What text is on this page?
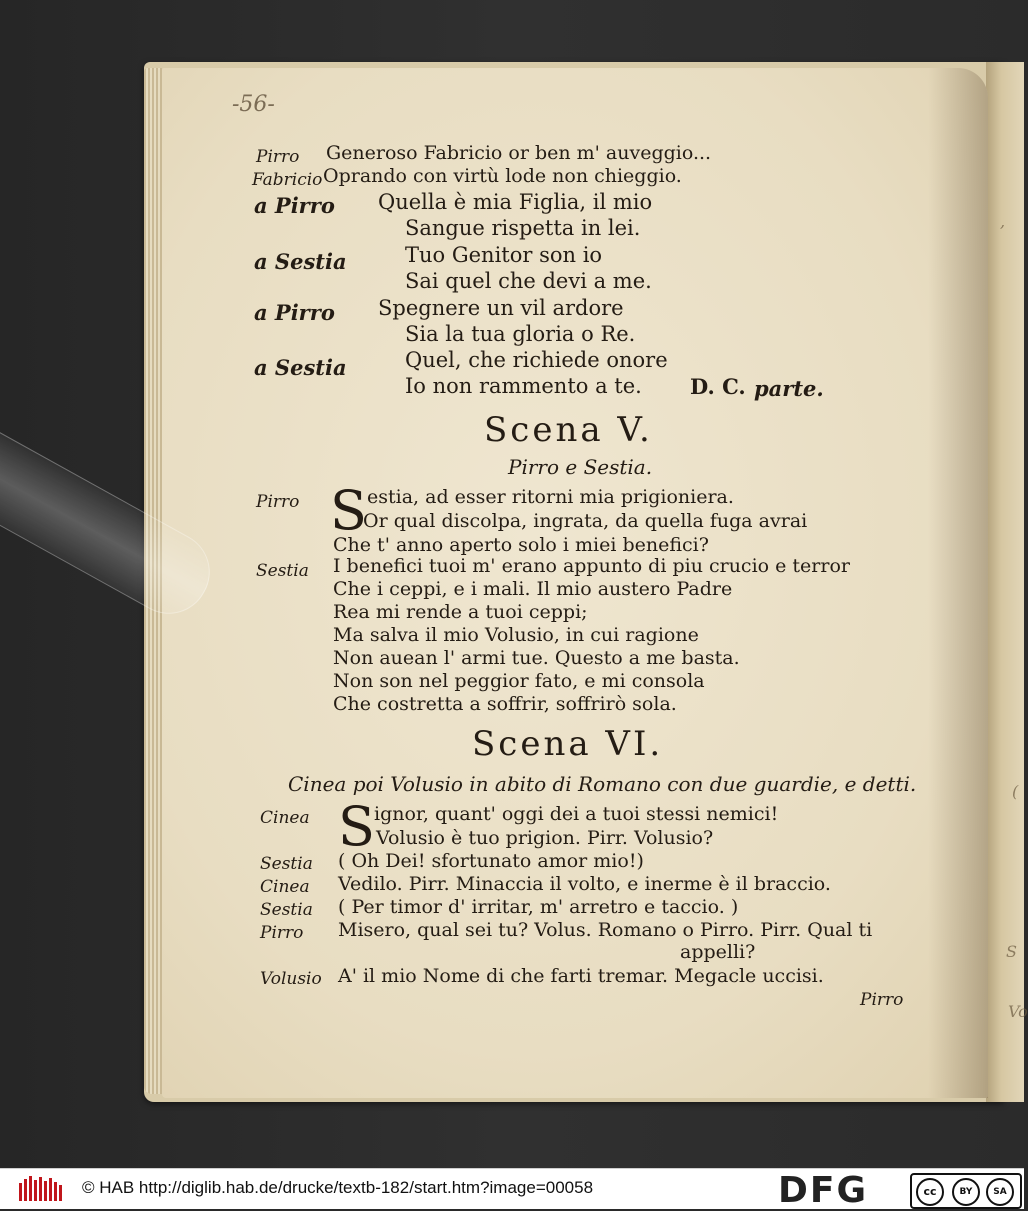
,
(
S
Vo
-56-
Pirro Generoso Fabricio or ben m' auveggio...
Fabricio Oprando con virtù lode non chieggio.
a Pirro Quella è mia Figlia, il mio
Sangue rispetta in lei.
a Sestia	Tuo Genitor son io
Sai quel che devi a me.
a Pirro Spegnere un vil ardore
Sia la tua gloria o Re.
a Sestia	Quel, che richiede onore
Io non rammento a te. D. C. parte.
Scena V.
Pirro e Sestia.
Pirro S estia, ad esser ritorni mia prigioniera.
Or qual discolpa, ingrata, da quella fuga avrai
Che t' anno aperto solo i miei benefici?
Sestia I benefici tuoi m' erano appunto di piu crucio e terror
Che i ceppi, e i mali. Il mio austero Padre
Rea mi rende a tuoi ceppi;
Ma salva il mio Volusio, in cui ragione
Non auean l' armi tue. Questo a me basta.
Non son nel peggior fato, e mi consola
Che costretta a soffrir, soffrirò sola.
Scena VI.
Cinea poi Volusio in abito di Romano con due guardie, e detti.
Cinea S ignor, quant' oggi dei a tuoi stessi nemici!
Volusio è tuo prigion. Pirr. Volusio?
Sestia ( Oh Dei! sfortunato amor mio!)
Cinea Vedilo. Pirr. Minaccia il volto, e inerme è il braccio.
Sestia ( Per timor d' irritar, m' arretro e taccio. )
Pirro Misero, qual sei tu? Volus. Romano o Pirro. Pirr. Qual ti
appelli?
Volusio A' il mio Nome di che farti tremar. Megacle uccisi.
Pirro
© HAB http://diglib.hab.de/drucke/textb-182/start.htm?image=00058	DFG	cc	BY	SA
